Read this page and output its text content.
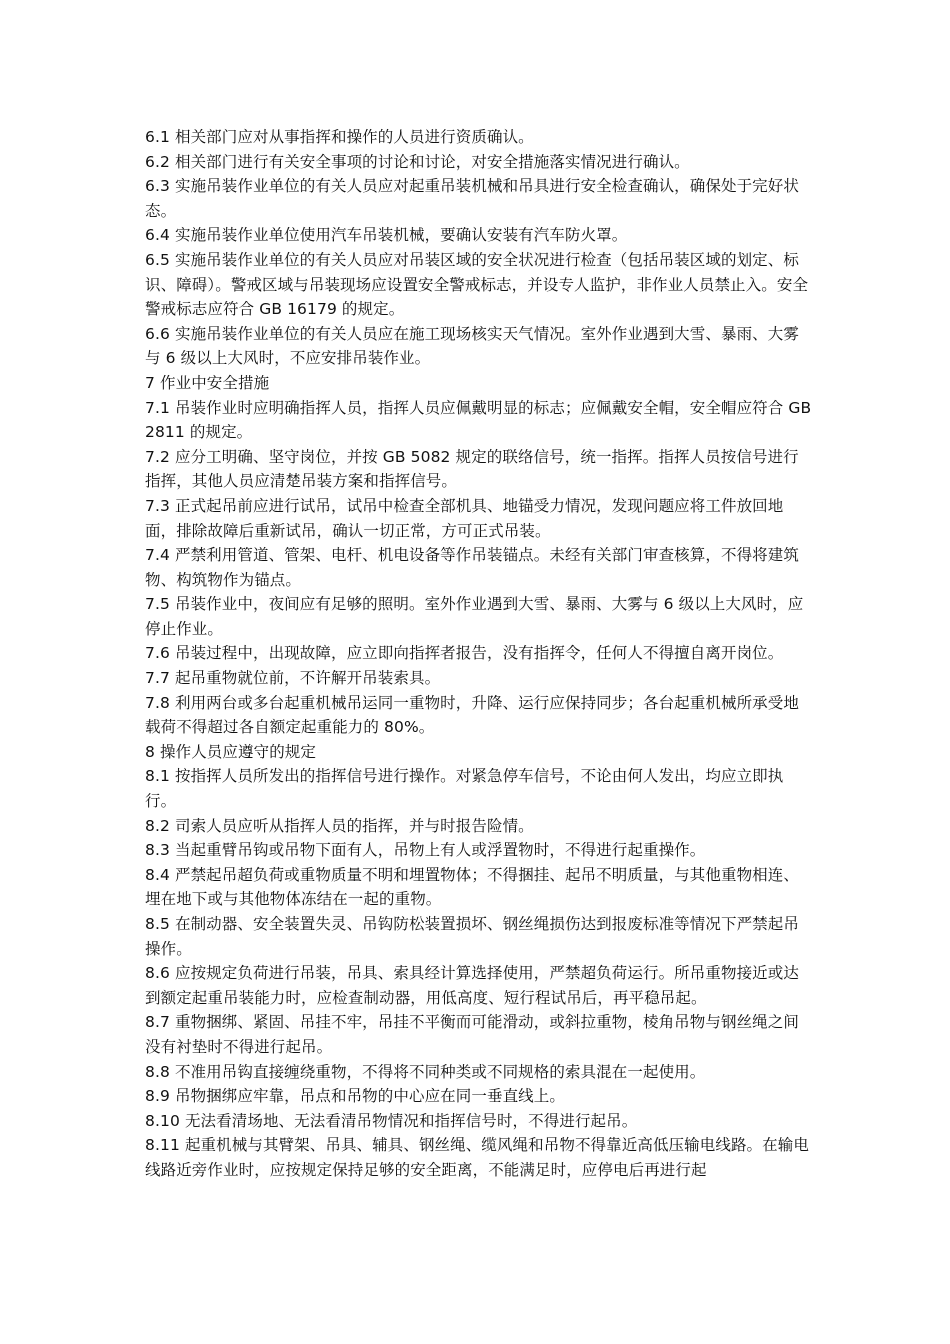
6.1 相关部门应对从事指挥和操作的人员进行资质确认。

6.2 相关部门进行有关安全事项的讨论和讨论，对安全措施落实情况进行确认。

6.3 实施吊装作业单位的有关人员应对起重吊装机械和吊具进行安全检查确认，确保处于完好状态。

6.4 实施吊装作业单位使用汽车吊装机械，要确认安装有汽车防火罩。

6.5 实施吊装作业单位的有关人员应对吊装区域的安全状况进行检查（包括吊装区域的划定、标识、障碍）。警戒区域与吊装现场应设置安全警戒标志，并设专人监护，非作业人员禁止入。安全警戒标志应符合 GB 16179 的规定。

6.6 实施吊装作业单位的有关人员应在施工现场核实天气情况。室外作业遇到大雪、暴雨、大雾与 6 级以上大风时，不应安排吊装作业。

7 作业中安全措施

7.1 吊装作业时应明确指挥人员，指挥人员应佩戴明显的标志；应佩戴安全帽，安全帽应符合 GB 2811 的规定。

7.2 应分工明确、坚守岗位，并按 GB 5082 规定的联络信号，统一指挥。指挥人员按信号进行指挥，其他人员应清楚吊装方案和指挥信号。

7.3 正式起吊前应进行试吊，试吊中检查全部机具、地锚受力情况，发现问题应将工件放回地面，排除故障后重新试吊，确认一切正常，方可正式吊装。

7.4 严禁利用管道、管架、电杆、机电设备等作吊装锚点。未经有关部门审查核算，不得将建筑物、构筑物作为锚点。

7.5 吊装作业中，夜间应有足够的照明。室外作业遇到大雪、暴雨、大雾与 6 级以上大风时，应停止作业。

7.6 吊装过程中，出现故障，应立即向指挥者报告，没有指挥令，任何人不得擅自离开岗位。

7.7 起吊重物就位前，不许解开吊装索具。

7.8 利用两台或多台起重机械吊运同一重物时，升降、运行应保持同步；各台起重机械所承受地载荷不得超过各自额定起重能力的 80%。

8 操作人员应遵守的规定

8.1 按指挥人员所发出的指挥信号进行操作。对紧急停车信号，不论由何人发出，均应立即执行。

8.2 司索人员应听从指挥人员的指挥，并与时报告险情。

8.3 当起重臂吊钩或吊物下面有人，吊物上有人或浮置物时，不得进行起重操作。

8.4 严禁起吊超负荷或重物质量不明和埋置物体；不得捆挂、起吊不明质量，与其他重物相连、埋在地下或与其他物体冻结在一起的重物。

8.5 在制动器、安全装置失灵、吊钩防松装置损坏、钢丝绳损伤达到报废标准等情况下严禁起吊操作。

8.6 应按规定负荷进行吊装，吊具、索具经计算选择使用，严禁超负荷运行。所吊重物接近或达到额定起重吊装能力时，应检查制动器，用低高度、短行程试吊后，再平稳吊起。

8.7 重物捆绑、紧固、吊挂不牢，吊挂不平衡而可能滑动，或斜拉重物，棱角吊物与钢丝绳之间没有衬垫时不得进行起吊。

8.8 不准用吊钩直接缠绕重物，不得将不同种类或不同规格的索具混在一起使用。

8.9 吊物捆绑应牢靠，吊点和吊物的中心应在同一垂直线上。

8.10 无法看清场地、无法看清吊物情况和指挥信号时，不得进行起吊。

8.11 起重机械与其臂架、吊具、辅具、钢丝绳、缆风绳和吊物不得靠近高低压输电线路。在输电线路近旁作业时，应按规定保持足够的安全距离，不能满足时，应停电后再进行起
